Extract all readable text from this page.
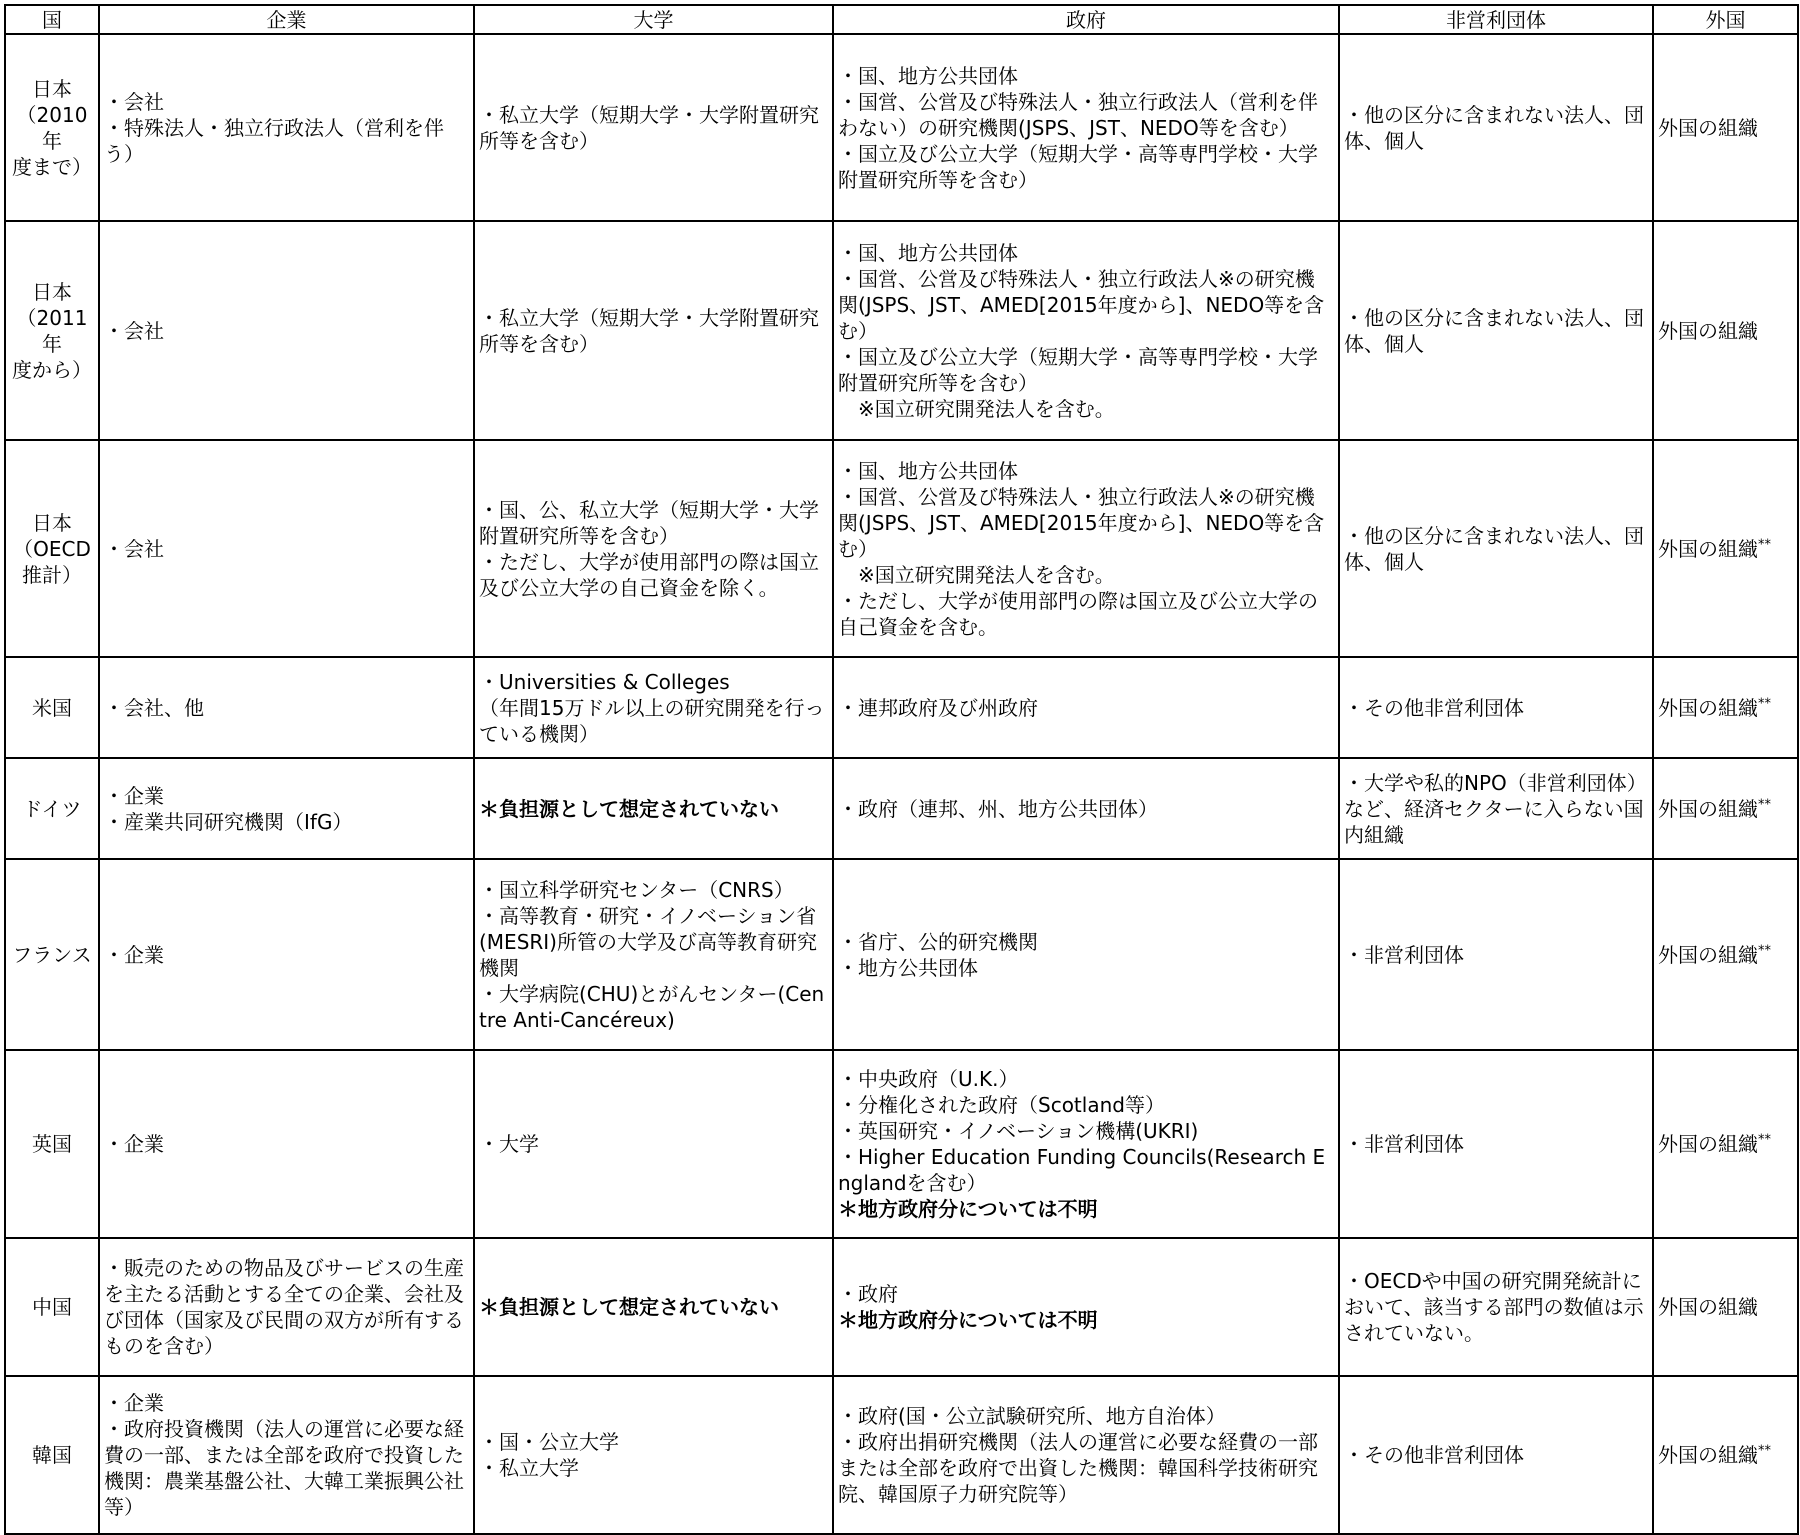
国	企業	大学	政府	非営利団体	外国

日本
（2010年
度まで）	・会社
・特殊法人・独立行政法人（営利を伴う）	・私立大学（短期大学・大学附置研究所等を含む）	・国、地方公共団体
・国営、公営及び特殊法人・独立行政法人（営利を伴わない）の研究機関(JSPS、JST、NEDO等を含む）
・国立及び公立大学（短期大学・高等専門学校・大学附置研究所等を含む）	・他の区分に含まれない法人、団体、個人	外国の組織

日本
（2011年
度から）	・会社	・私立大学（短期大学・大学附置研究所等を含む）	・国、地方公共団体
・国営、公営及び特殊法人・独立行政法人※の研究機関(JSPS、JST、AMED[2015年度から]、NEDO等を含む）
・国立及び公立大学（短期大学・高等専門学校・大学附置研究所等を含む）
　※国立研究開発法人を含む。	・他の区分に含まれない法人、団体、個人	外国の組織

日本
（OECD
推計）	・会社	・国、公、私立大学（短期大学・大学附置研究所等を含む）
・ただし、大学が使用部門の際は国立及び公立大学の自己資金を除く。	・国、地方公共団体
・国営、公営及び特殊法人・独立行政法人※の研究機関(JSPS、JST、AMED[2015年度から]、NEDO等を含む）
　※国立研究開発法人を含む。
・ただし、大学が使用部門の際は国立及び公立大学の自己資金を含む。	・他の区分に含まれない法人、団体、個人	外国の組織**

米国	・会社、他	・Universities & Colleges
（年間15万ドル以上の研究開発を行っている機関）	・連邦政府及び州政府	・その他非営利団体	外国の組織**

ドイツ	・企業
・産業共同研究機関（IfG）	＊負担源として想定されていない	・政府（連邦、州、地方公共団体）	・大学や私的NPO（非営利団体）など、経済セクターに入らない国内組織	外国の組織**

フランス	・企業	・国立科学研究センター（CNRS）
・高等教育・研究・イノベーション省(MESRI)所管の大学及び高等教育研究機関
・大学病院(CHU)とがんセンター(Centre Anti-Cancéreux)	・省庁、公的研究機関
・地方公共団体	・非営利団体	外国の組織**

英国	・企業	・大学	・中央政府（U.K.）
・分権化された政府（Scotland等）
・英国研究・イノベーション機構(UKRI)
・Higher Education Funding Councils(Research Englandを含む）
＊地方政府分については不明	・非営利団体	外国の組織**

中国	・販売のための物品及びサービスの生産を主たる活動とする全ての企業、会社及び団体（国家及び民間の双方が所有するものを含む）	＊負担源として想定されていない	・政府
＊地方政府分については不明	・OECDや中国の研究開発統計において、該当する部門の数値は示されていない。	外国の組織

韓国	・企業
・政府投資機関（法人の運営に必要な経費の一部、または全部を政府で投資した機関：農業基盤公社、大韓工業振興公社等）	・国・公立大学
・私立大学	・政府(国・公立試験研究所、地方自治体）
・政府出捐研究機関（法人の運営に必要な経費の一部または全部を政府で出資した機関：韓国科学技術研究院、韓国原子力研究院等）	・その他非営利団体	外国の組織**
